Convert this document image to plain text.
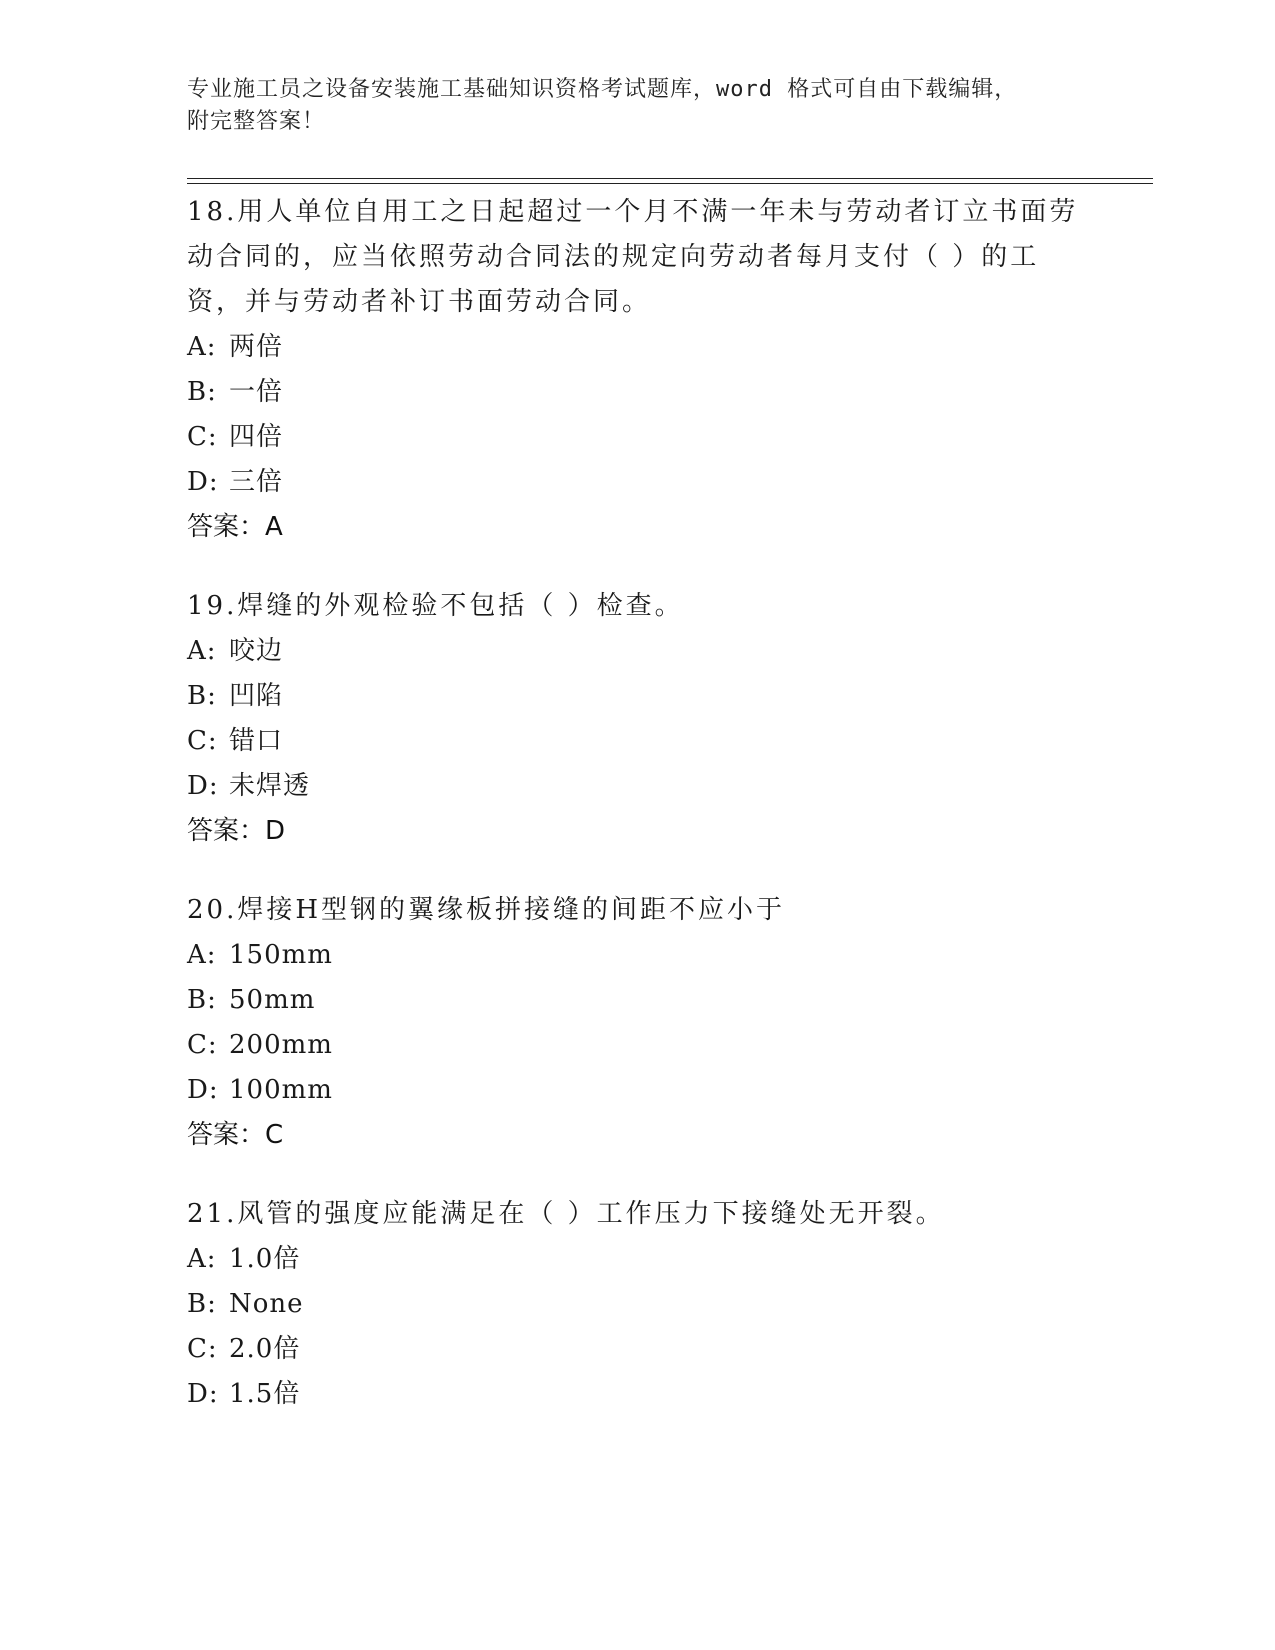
专业施工员之设备安装施工基础知识资格考试题库，word 格式可自由下载编辑，
附完整答案！

18.用人单位自用工之日起超过一个月不满一年未与劳动者订立书面劳动合同的，应当依照劳动合同法的规定向劳动者每月支付（ ）的工资，并与劳动者补订书面劳动合同。

A: 两倍

B: 一倍

C: 四倍

D: 三倍

答案：A

19.焊缝的外观检验不包括（ ）检查。

A: 咬边

B: 凹陷

C: 错口

D: 未焊透

答案：D

20.焊接H型钢的翼缘板拼接缝的间距不应小于

A: 150mm

B: 50mm

C: 200mm

D: 100mm

答案：C

21.风管的强度应能满足在（ ）工作压力下接缝处无开裂。

A: 1.0倍

B: None

C: 2.0倍

D: 1.5倍
